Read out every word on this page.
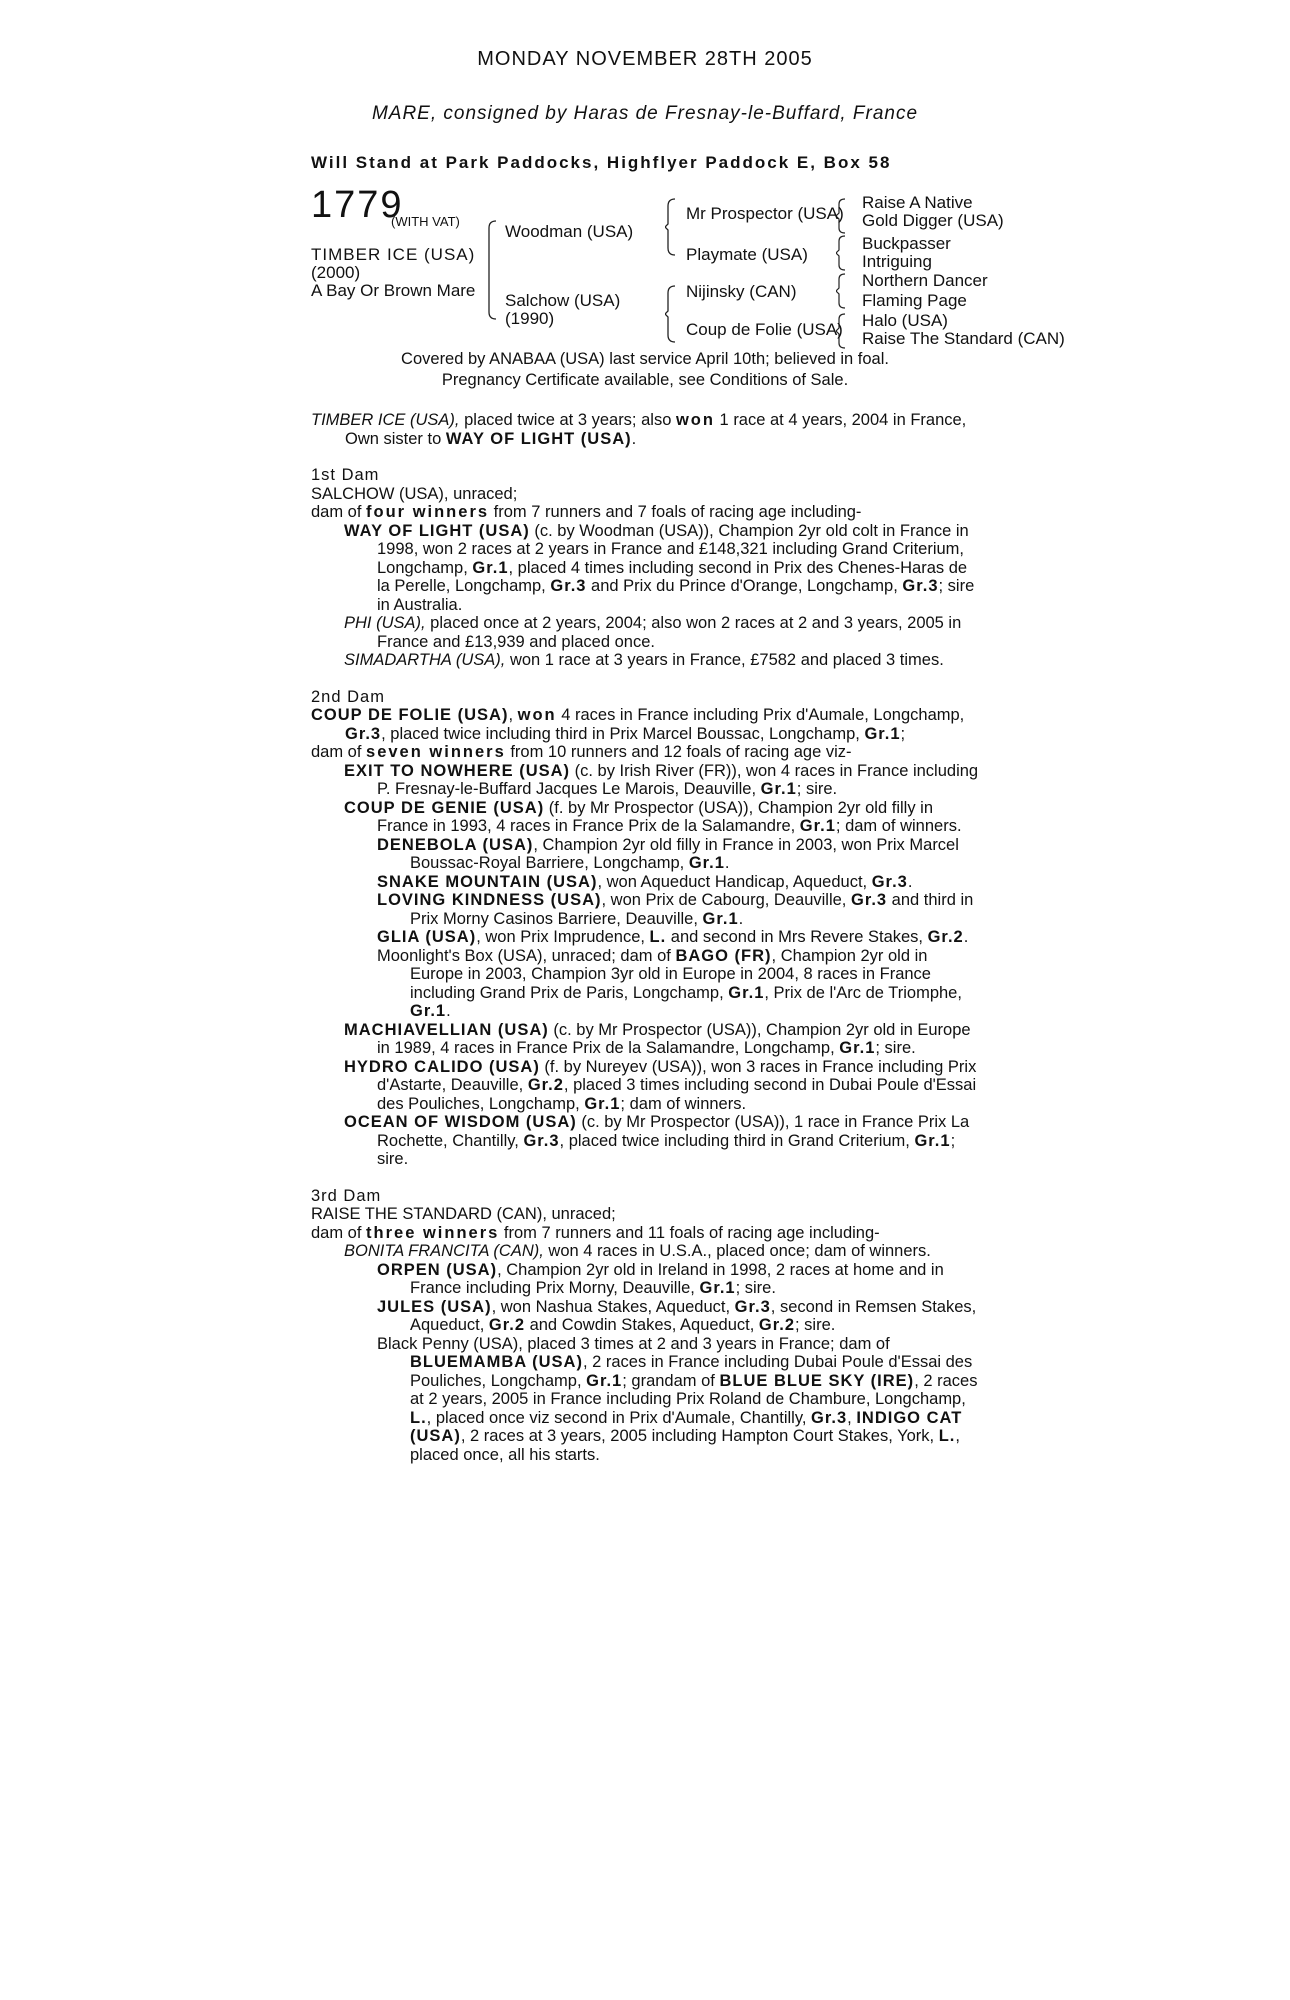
MONDAY NOVEMBER 28TH 2005
MARE, consigned by Haras de Fresnay-le-Buffard, France
Will Stand at Park Paddocks, Highflyer Paddock E, Box 58
1779
(WITH VAT)
TIMBER ICE (USA)
(2000)
A Bay Or Brown Mare
Woodman (USA)
Salchow (USA)
(1990)
Mr Prospector (USA)
Playmate (USA)
Nijinsky (CAN)
Coup de Folie (USA)
Raise A Native
Gold Digger (USA)
Buckpasser
Intriguing
Northern Dancer
Flaming Page
Halo (USA)
Raise The Standard (CAN)
Covered by ANABAA (USA) last service April 10th; believed in foal.
Pregnancy Certificate available, see Conditions of Sale.

TIMBER ICE (USA), placed twice at 3 years; also won 1 race at 4 years, 2004 in France, Own sister to WAY OF LIGHT (USA).

1st Dam

SALCHOW (USA), unraced;

dam of four winners from 7 runners and 7 foals of racing age including-

WAY OF LIGHT (USA) (c. by Woodman (USA)), Champion 2yr old colt in France in 1998, won 2 races at 2 years in France and £148,321 including Grand Criterium, Longchamp, Gr.1, placed 4 times including second in Prix des Chenes-Haras de la Perelle, Longchamp, Gr.3 and Prix du Prince d'Orange, Longchamp, Gr.3; sire in Australia.

PHI (USA), placed once at 2 years, 2004; also won 2 races at 2 and 3 years, 2005 in France and £13,939 and placed once.

SIMADARTHA (USA), won 1 race at 3 years in France, £7582 and placed 3 times.

2nd Dam

COUP DE FOLIE (USA), won 4 races in France including Prix d'Aumale, Longchamp, Gr.3, placed twice including third in Prix Marcel Boussac, Longchamp, Gr.1;

dam of seven winners from 10 runners and 12 foals of racing age viz-

EXIT TO NOWHERE (USA) (c. by Irish River (FR)), won 4 races in France including P. Fresnay-le-Buffard Jacques Le Marois, Deauville, Gr.1; sire.

COUP DE GENIE (USA) (f. by Mr Prospector (USA)), Champion 2yr old filly in France in 1993, 4 races in France Prix de la Salamandre, Gr.1; dam of winners.

DENEBOLA (USA), Champion 2yr old filly in France in 2003, won Prix Marcel Boussac-Royal Barriere, Longchamp, Gr.1.

SNAKE MOUNTAIN (USA), won Aqueduct Handicap, Aqueduct, Gr.3.

LOVING KINDNESS (USA), won Prix de Cabourg, Deauville, Gr.3 and third in Prix Morny Casinos Barriere, Deauville, Gr.1.

GLIA (USA), won Prix Imprudence, L. and second in Mrs Revere Stakes, Gr.2.

Moonlight's Box (USA), unraced; dam of BAGO (FR), Champion 2yr old in Europe in 2003, Champion 3yr old in Europe in 2004, 8 races in France including Grand Prix de Paris, Longchamp, Gr.1, Prix de l'Arc de Triomphe, Gr.1.

MACHIAVELLIAN (USA) (c. by Mr Prospector (USA)), Champion 2yr old in Europe in 1989, 4 races in France Prix de la Salamandre, Longchamp, Gr.1; sire.

HYDRO CALIDO (USA) (f. by Nureyev (USA)), won 3 races in France including Prix d'Astarte, Deauville, Gr.2, placed 3 times including second in Dubai Poule d'Essai des Pouliches, Longchamp, Gr.1; dam of winners.

OCEAN OF WISDOM (USA) (c. by Mr Prospector (USA)), 1 race in France Prix La Rochette, Chantilly, Gr.3, placed twice including third in Grand Criterium, Gr.1; sire.

3rd Dam

RAISE THE STANDARD (CAN), unraced;

dam of three winners from 7 runners and 11 foals of racing age including-

BONITA FRANCITA (CAN), won 4 races in U.S.A., placed once; dam of winners.

ORPEN (USA), Champion 2yr old in Ireland in 1998, 2 races at home and in France including Prix Morny, Deauville, Gr.1; sire.

JULES (USA), won Nashua Stakes, Aqueduct, Gr.3, second in Remsen Stakes, Aqueduct, Gr.2 and Cowdin Stakes, Aqueduct, Gr.2; sire.

Black Penny (USA), placed 3 times at 2 and 3 years in France; dam of BLUEMAMBA (USA), 2 races in France including Dubai Poule d'Essai des Pouliches, Longchamp, Gr.1; grandam of BLUE BLUE SKY (IRE), 2 races at 2 years, 2005 in France including Prix Roland de Chambure, Longchamp, L., placed once viz second in Prix d'Aumale, Chantilly, Gr.3, INDIGO CAT (USA), 2 races at 3 years, 2005 including Hampton Court Stakes, York, L., placed once, all his starts.
